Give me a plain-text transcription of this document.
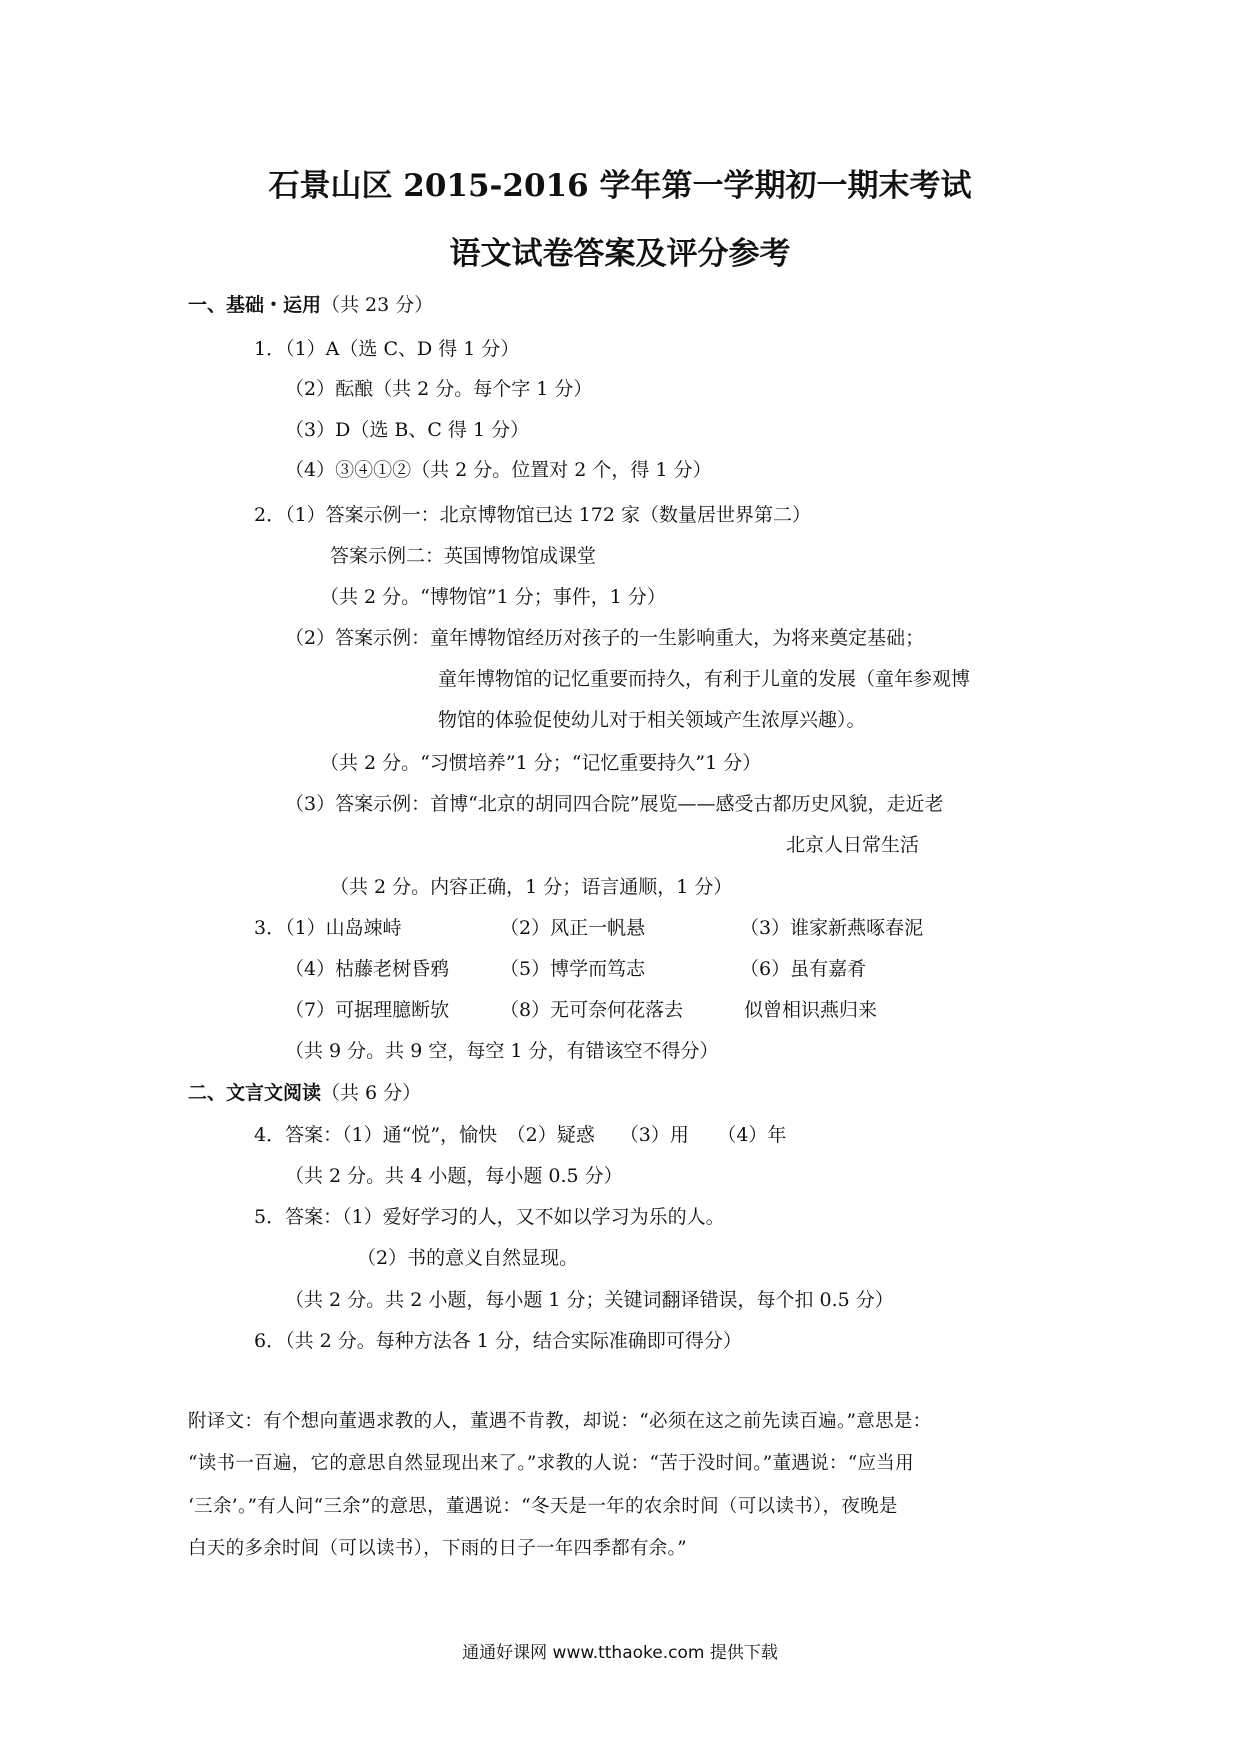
石景山区 2015-2016 学年第一学期初一期末考试
语文试卷答案及评分参考
一、基础・运用（共 23 分）
1．（1）A（选 C、D 得 1 分）
（2）酝酿（共 2 分。每个字 1 分）
（3）D（选 B、C 得 1 分）
（4）③④①②（共 2 分。位置对 2 个，得 1 分）
2．（1）答案示例一：北京博物馆已达 172 家（数量居世界第二）
答案示例二：英国博物馆成课堂
（共 2 分。“博物馆”1 分；事件，1 分）
（2）答案示例：童年博物馆经历对孩子的一生影响重大，为将来奠定基础；
童年博物馆的记忆重要而持久，有利于儿童的发展（童年参观博
物馆的体验促使幼儿对于相关领域产生浓厚兴趣）。
（共 2 分。“习惯培养”1 分；“记忆重要持久”1 分）
（3）答案示例：首博“北京的胡同四合院”展览——感受古都历史风貌，走近老
北京人日常生活
（共 2 分。内容正确，1 分；语言通顺，1 分）
3．（1）山岛竦峙	（2）风正一帆悬	（3）谁家新燕啄春泥
（4）枯藤老树昏鸦	（5）博学而笃志	（6）虽有嘉肴
（7）可据理臆断欤	（8）无可奈何花落去	似曾相识燕归来
（共 9 分。共 9 空，每空 1 分，有错该空不得分）
二、文言文阅读（共 6 分）
4．答案：（1）通“悦”，愉快　（2）疑惑　 （3）用　　（4）年
（共 2 分。共 4 小题，每小题 0.5 分）
5．答案：（1）爱好学习的人，又不如以学习为乐的人。
（2）书的意义自然显现。
（共 2 分。共 2 小题，每小题 1 分；关键词翻译错误，每个扣 0.5 分）
6．（共 2 分。每种方法各 1 分，结合实际准确即可得分）
附译文：有个想向董遇求教的人，董遇不肯教，却说：“必须在这之前先读百遍。”意思是：
“读书一百遍，它的意思自然显现出来了。”求教的人说：“苦于没时间。”董遇说：“应当用
‘三余’。”有人问“三余”的意思，董遇说：“冬天是一年的农余时间（可以读书），夜晚是
白天的多余时间（可以读书），下雨的日子一年四季都有余。”
通通好课网 www.tthaoke.com 提供下载
